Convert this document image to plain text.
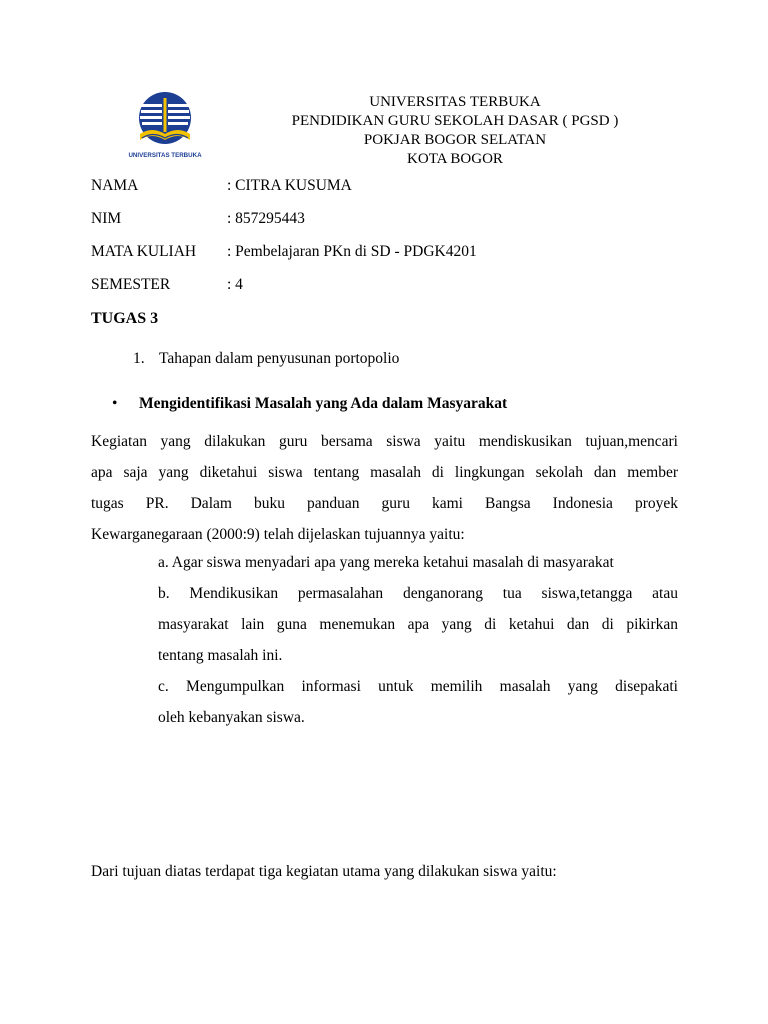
UNIVERSITAS TERBUKA
UNIVERSITAS TERBUKA
PENDIDIKAN GURU SEKOLAH DASAR ( PGSD )
POKJAR BOGOR SELATAN
KOTA BOGOR
NAMA	: CITRA KUSUMA
NIM	: 857295443
MATA KULIAH : Pembelajaran PKn di SD - PDGK4201
SEMESTER	: 4
TUGAS 3
1. Tahapan dalam penyusunan portopolio
• Mengidentifikasi Masalah yang Ada dalam Masyarakat
Kegiatan yang dilakukan guru bersama siswa yaitu mendiskusikan tujuan,mencari
apa saja yang diketahui siswa tentang masalah di lingkungan sekolah dan member
tugas PR. Dalam buku panduan guru kami Bangsa Indonesia proyek
Kewarganegaraan (2000:9) telah dijelaskan tujuannya yaitu:
a. Agar siswa menyadari apa yang mereka ketahui masalah di masyarakat
b. Mendikusikan permasalahan denganorang tua siswa,tetangga atau
masyarakat lain guna menemukan apa yang di ketahui dan di pikirkan
tentang masalah ini.
c. Mengumpulkan informasi untuk memilih masalah yang disepakati
oleh kebanyakan siswa.
Dari tujuan diatas terdapat tiga kegiatan utama yang dilakukan siswa yaitu:
